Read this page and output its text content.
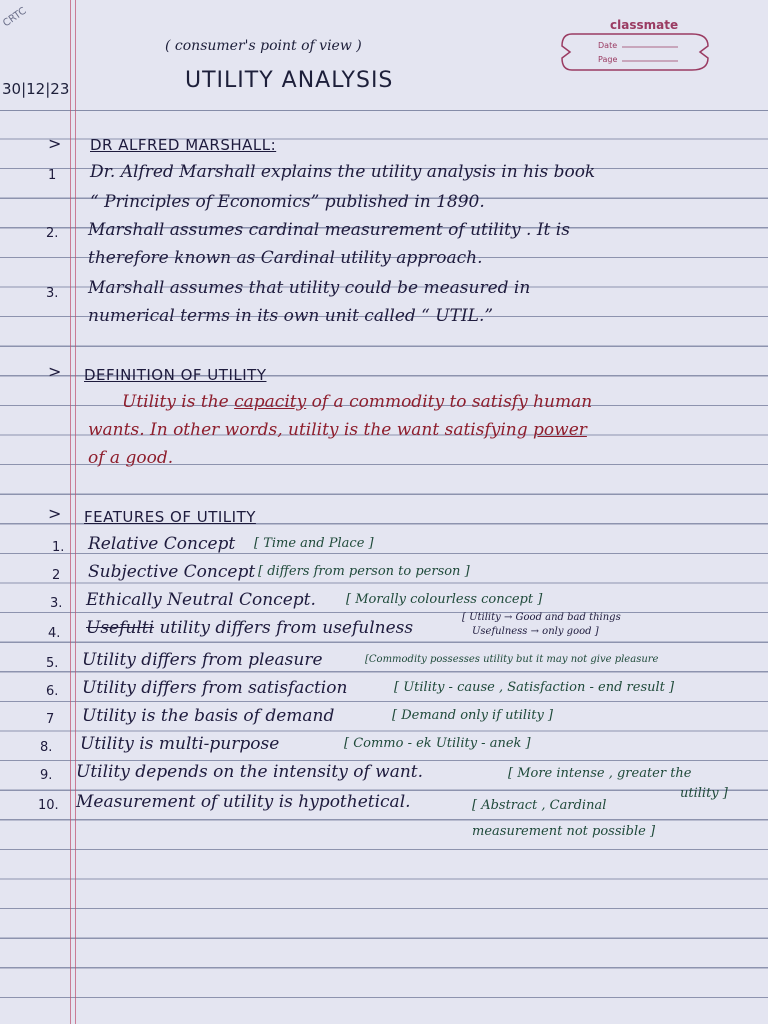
CRTC	classmate
Date
Page
30|12|23
( consumer's point of view )
UTILITY ANALYSIS
> DR ALFRED MARSHALL:
1 Dr. Alfred Marshall explains the utility analysis in his book
“ Principles of Economics” published in 1890.
2. Marshall assumes cardinal measurement of utility . It is
therefore known as Cardinal utility approach.
3. Marshall assumes that utility could be measured in
numerical terms in its own unit called “ UTIL.”
> DEFINITION OF UTILITY
Utility is the capacity of a commodity to satisfy human
wants. In other words, utility is the want satisfying power
of a good.
> FEATURES OF UTILITY
1. Relative Concept [ Time and Place ]
2 Subjective Concept [ differs from person to person ]
3. Ethically Neutral Concept. [ Morally colourless concept ]
4. Usefulti utility differs from usefulness
[ Utility → Good and bad things
Usefulness → only good ]
5. Utility differs from pleasure	[Commodity possesses utility but it may not give pleasure
6. Utility differs from satisfaction	[ Utility - cause , Satisfaction - end result ]
7 Utility is the basis of demand	[ Demand only if utility ]
8. Utility is multi-purpose	[ Commo - ek Utility - anek ]
9. Utility depends on the intensity of want.	[ More intense , greater the
utility ]
10. Measurement of utility is hypothetical.	[ Abstract , Cardinal
measurement not possible ]
